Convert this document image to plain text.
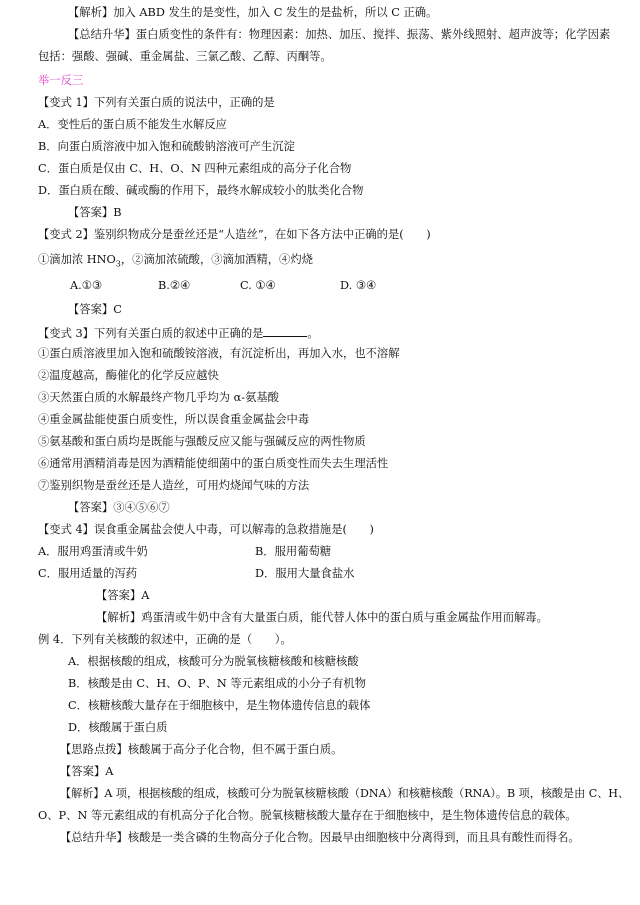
【解析】加入 ABD 发生的是变性，加入 C 发生的是盐析，所以 C 正确。
【总结升华】蛋白质变性的条件有：物理因素：加热、加压、搅拌、振荡、紫外线照射、超声波等；化学因素
包括：强酸、强碱、重金属盐、三氯乙酸、乙醇、丙酮等。
举一反三
【变式 1】下列有关蛋白质的说法中，正确的是
A．变性后的蛋白质不能发生水解反应
B．向蛋白质溶液中加入饱和硫酸钠溶液可产生沉淀
C．蛋白质是仅由 C、H、O、N 四种元素组成的高分子化合物
D．蛋白质在酸、碱或酶的作用下，最终水解成较小的肽类化合物
【答案】B
【变式 2】鉴别织物成分是蚕丝还是“人造丝”，在如下各方法中正确的是(　　)
①滴加浓 $HNO_3$，②滴加浓硫酸，③滴加酒精，④灼烧
A.①③	B.②④	C. ①④	D. ③④
【答案】C
【变式 3】下列有关蛋白质的叙述中正确的是	。
①蛋白质溶液里加入饱和硫酸铵溶液，有沉淀析出，再加入水，也不溶解
②温度越高，酶催化的化学反应越快
③天然蛋白质的水解最终产物几乎均为 α-氨基酸
④重金属盐能使蛋白质变性，所以误食重金属盐会中毒
⑤氨基酸和蛋白质均是既能与强酸反应又能与强碱反应的两性物质
⑥通常用酒精消毒是因为酒精能使细菌中的蛋白质变性而失去生理活性
⑦鉴别织物是蚕丝还是人造丝，可用灼烧闻气味的方法
【答案】③④⑤⑥⑦
【变式 4】误食重金属盐会使人中毒，可以解毒的急救措施是(　　)
A．服用鸡蛋清或牛奶	B．服用葡萄糖
C．服用适量的泻药	D．服用大量食盐水
【答案】A
【解析】鸡蛋清或牛奶中含有大量蛋白质，能代替人体中的蛋白质与重金属盐作用而解毒。
例 4．下列有关核酸的叙述中，正确的是（　　）。
A．根据核酸的组成，核酸可分为脱氧核糖核酸和核糖核酸
B．核酸是由 C、H、O、P、N 等元素组成的小分子有机物
C．核糖核酸大量存在于细胞核中，是生物体遗传信息的载体
D．核酸属于蛋白质
【思路点拨】核酸属于高分子化合物，但不属于蛋白质。
【答案】A
【解析】A 项，根据核酸的组成，核酸可分为脱氧核糖核酸（DNA）和核糖核酸（RNA）。B 项，核酸是由 C、H、
O、P、N 等元素组成的有机高分子化合物。脱氧核糖核酸大量存在于细胞核中，是生物体遗传信息的载体。
【总结升华】核酸是一类含磷的生物高分子化合物。因最早由细胞核中分离得到，而且具有酸性而得名。
